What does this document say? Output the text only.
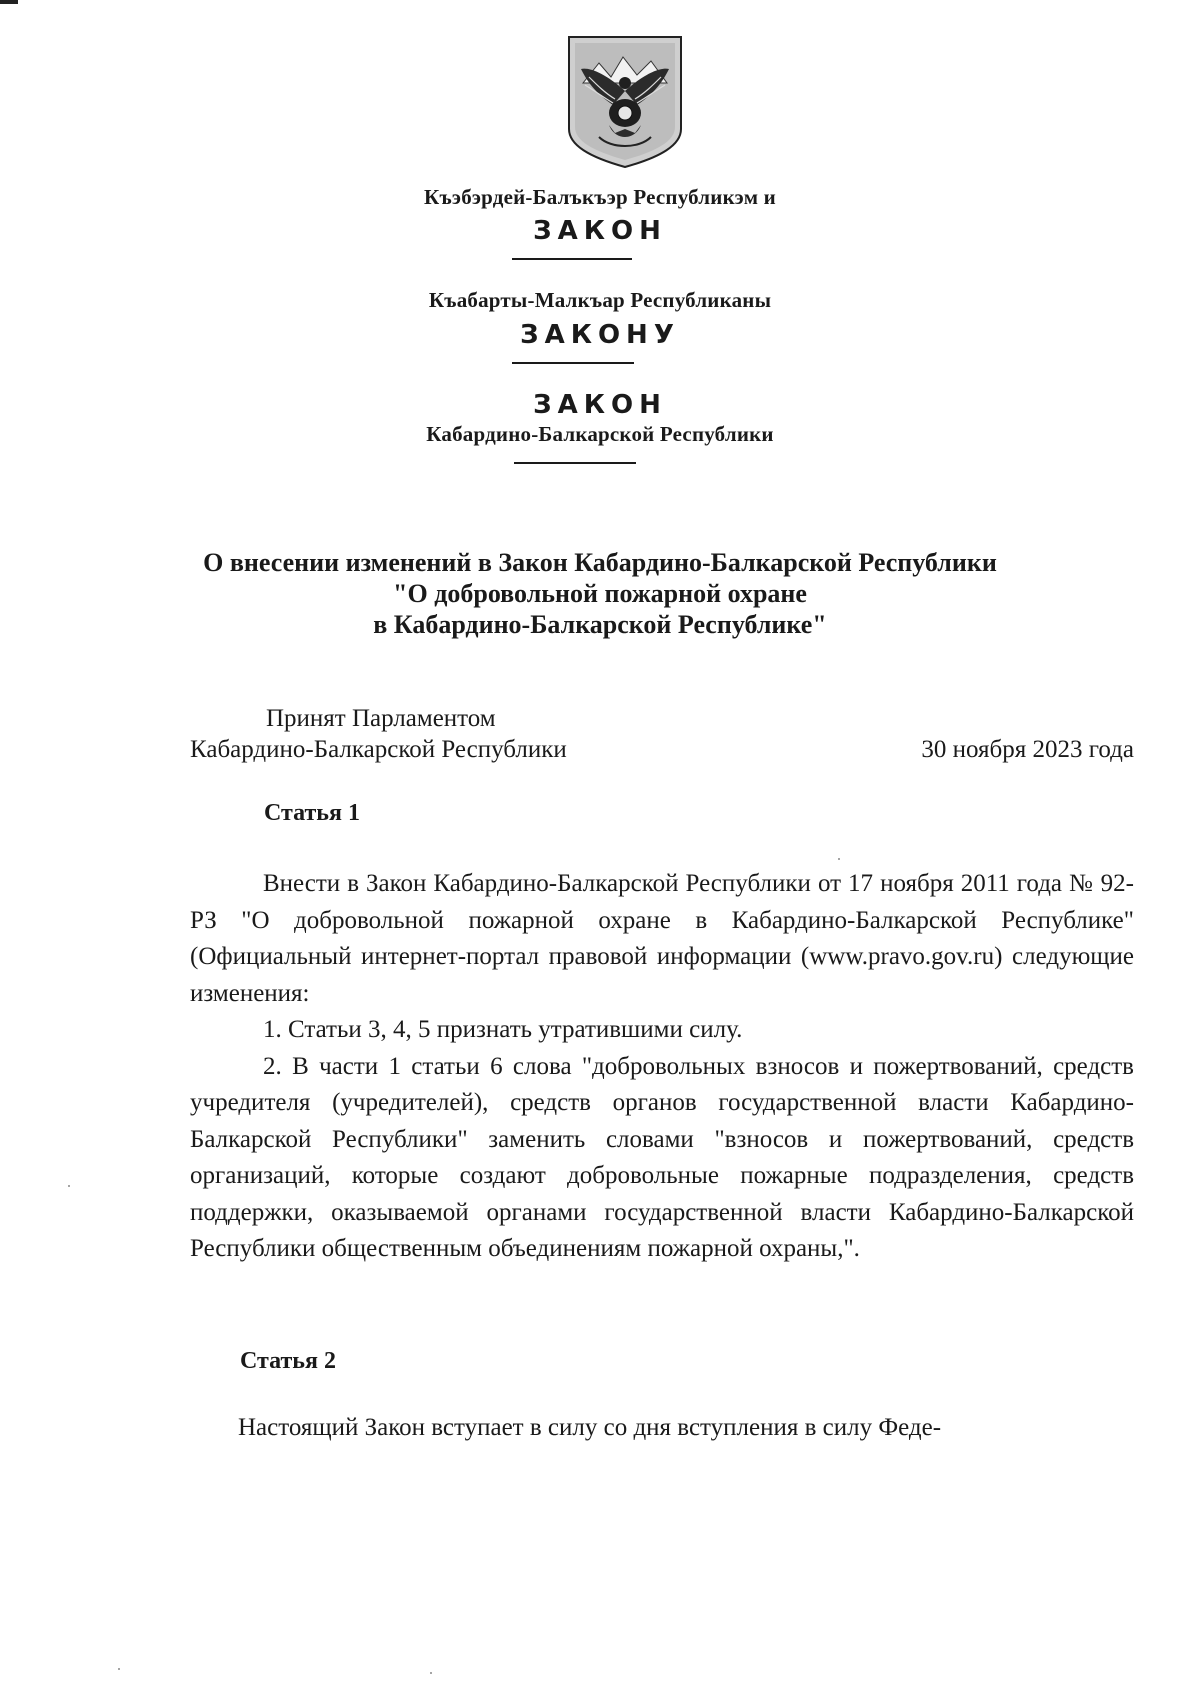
Къэбэрдей-Балъкъэр Республикэм и
ЗАКОН
Къабарты-Малкъар Республиканы
ЗАКОНУ
ЗАКОН
Кабардино-Балкарской Республики
О внесении изменений в Закон Кабардино-Балкарской Республики
"О добровольной пожарной охране
в Кабардино-Балкарской Республике"
Принят Парламентом
Кабардино-Балкарской Республики	30 ноября 2023 года
Статья 1

Внести в Закон Кабардино-Балкарской Республики от 17 ноября 2011 года № 92-РЗ "О добровольной пожарной охране в Кабардино-Балкарской Республике" (Официальный интернет-портал правовой информации (www.pravo.gov.ru) следующие изменения:

1. Статьи 3, 4, 5 признать утратившими силу.

2. В части 1 статьи 6 слова "добровольных взносов и пожертвований, средств учредителя (учредителей), средств органов государственной власти Кабардино-Балкарской Республики" заменить словами "взносов и пожертвований, средств организаций, которые создают добровольные пожарные подразделения, средств поддержки, оказываемой органами государственной власти Кабардино-Балкарской Республики общественным объединениям пожарной охраны,".

Статья 2

Настоящий Закон вступает в силу со дня вступления в силу Феде-
